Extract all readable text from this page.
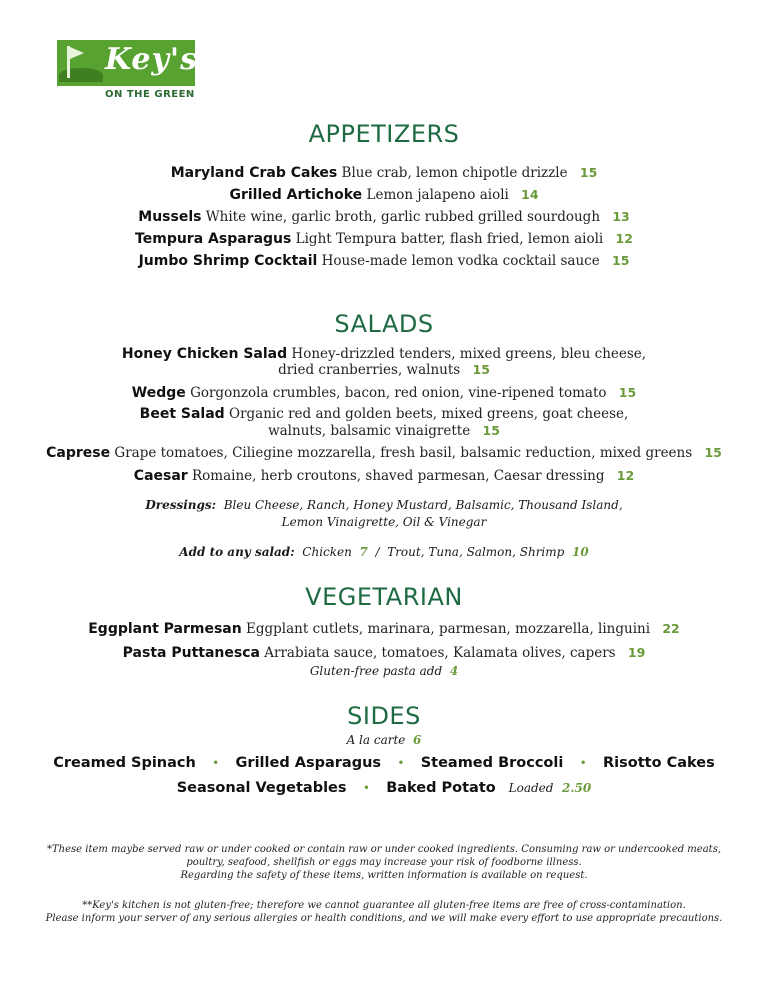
Key's
ON THE GREEN
APPETIZERS
Maryland Crab Cakes Blue crab, lemon chipotle drizzle 15
Grilled Artichoke Lemon jalapeno aioli 14
Mussels White wine, garlic broth, garlic rubbed grilled sourdough 13
Tempura Asparagus Light Tempura batter, flash fried, lemon aioli 12
Jumbo Shrimp Cocktail House-made lemon vodka cocktail sauce 15
SALADS
Honey Chicken Salad Honey-drizzled tenders, mixed greens, bleu cheese,
dried cranberries, walnuts 15
Wedge Gorgonzola crumbles, bacon, red onion, vine-ripened tomato 15
Beet Salad Organic red and golden beets, mixed greens, goat cheese,
walnuts, balsamic vinaigrette 15
Caprese Grape tomatoes, Ciliegine mozzarella, fresh basil, balsamic reduction, mixed greens 15
Caesar Romaine, herb croutons, shaved parmesan, Caesar dressing 12
Dressings: Bleu Cheese, Ranch, Honey Mustard, Balsamic, Thousand Island,
Lemon Vinaigrette, Oil & Vinegar
Add to any salad: Chicken 7 / Trout, Tuna, Salmon, Shrimp 10
VEGETARIAN
Eggplant Parmesan Eggplant cutlets, marinara, parmesan, mozzarella, linguini 22
Pasta Puttanesca Arrabiata sauce, tomatoes, Kalamata olives, capers 19
Gluten-free pasta add 4
SIDES
A la carte 6
Creamed Spinach • Grilled Asparagus • Steamed Broccoli • Risotto Cakes
Seasonal Vegetables • Baked Potato Loaded 2.50
*These item maybe served raw or under cooked or contain raw or under cooked ingredients. Consuming raw or undercooked meats,
poultry, seafood, shellfish or eggs may increase your risk of foodborne illness.
Regarding the safety of these items, written information is available on request.
**Key's kitchen is not gluten-free; therefore we cannot guarantee all gluten-free items are free of cross-contamination.
Please inform your server of any serious allergies or health conditions, and we will make every effort to use appropriate precautions.
